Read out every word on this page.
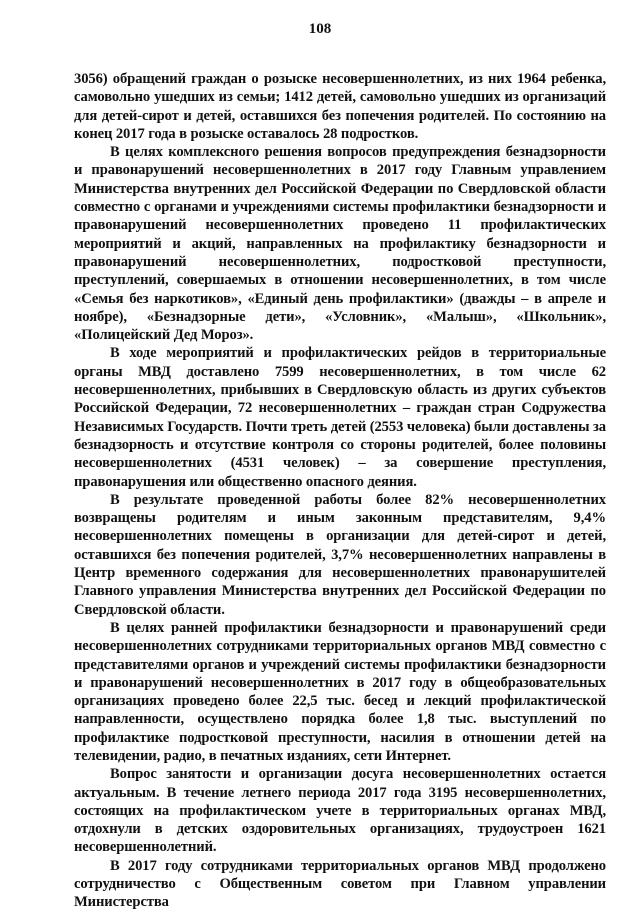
108

3056) обращений граждан о розыске несовершеннолетних, из них 1964 ребенка, самовольно ушедших из семьи; 1412 детей, самовольно ушедших из организаций для детей-сирот и детей, оставшихся без попечения родителей. По состоянию на конец 2017 года в розыске оставалось 28 подростков.

В целях комплексного решения вопросов предупреждения безнадзорности и правонарушений несовершеннолетних в 2017 году Главным управлением Министерства внутренних дел Российской Федерации по Свердловской области совместно с органами и учреждениями системы профилактики безнадзорности и правонарушений несовершеннолетних проведено 11 профилактических мероприятий и акций, направленных на профилактику безнадзорности и правонарушений несовершеннолетних, подростковой преступности, преступлений, совершаемых в отношении несовершеннолетних, в том числе «Семья без наркотиков», «Единый день профилактики» (дважды – в апреле и ноябре), «Безнадзорные дети», «Условник», «Малыш», «Школьник», «Полицейский Дед Мороз».

В ходе мероприятий и профилактических рейдов в территориальные органы МВД доставлено 7599 несовершеннолетних, в том числе 62 несовершеннолетних, прибывших в Свердловскую область из других субъектов Российской Федерации, 72 несовершеннолетних – граждан стран Содружества Независимых Государств. Почти треть детей (2553 человека) были доставлены за безнадзорность и отсутствие контроля со стороны родителей, более половины несовершеннолетних (4531 человек) – за совершение преступления, правонарушения или общественно опасного деяния.

В результате проведенной работы более 82% несовершеннолетних возвращены родителям и иным законным представителям, 9,4% несовершеннолетних помещены в организации для детей-сирот и детей, оставшихся без попечения родителей, 3,7% несовершеннолетних направлены в Центр временного содержания для несовершеннолетних правонарушителей Главного управления Министерства внутренних дел Российской Федерации по Свердловской области.

В целях ранней профилактики безнадзорности и правонарушений среди несовершеннолетних сотрудниками территориальных органов МВД совместно с представителями органов и учреждений системы профилактики безнадзорности и правонарушений несовершеннолетних в 2017 году в общеобразовательных организациях проведено более 22,5 тыс. бесед и лекций профилактической направленности, осуществлено порядка более 1,8 тыс. выступлений по профилактике подростковой преступности, насилия в отношении детей на телевидении, радио, в печатных изданиях, сети Интернет.

Вопрос занятости и организации досуга несовершеннолетних остается актуальным. В течение летнего периода 2017 года 3195 несовершеннолетних, состоящих на профилактическом учете в территориальных органах МВД, отдохнули в детских оздоровительных организациях, трудоустроен 1621 несовершеннолетний.

В 2017 году сотрудниками территориальных органов МВД продолжено сотрудничество с Общественным советом при Главном управлении Министерства
